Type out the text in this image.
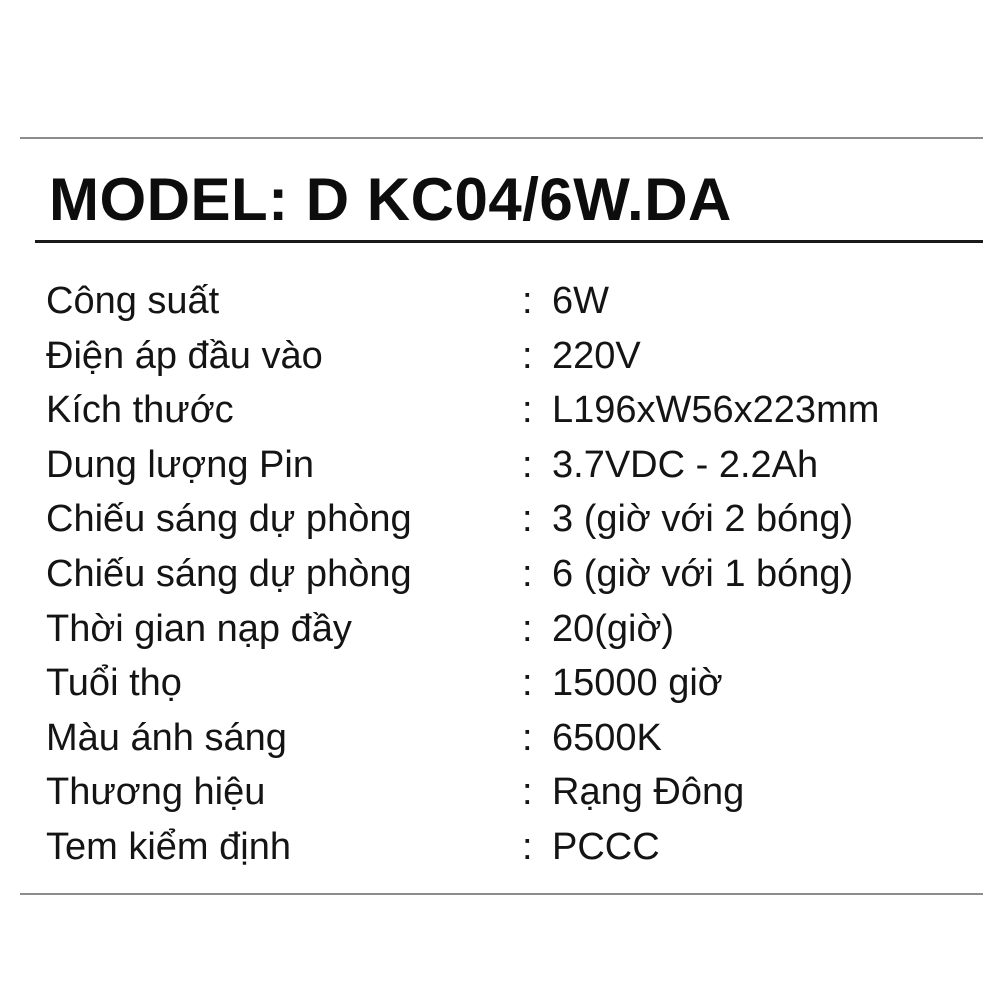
MODEL: D KC04/6W.DA
Công suất	: 6W
Điện áp đầu vào	: 220V
Kích thước	: L196xW56x223mm
Dung lượng Pin	: 3.7VDC - 2.2Ah
Chiếu sáng dự phòng	: 3 (giờ với 2 bóng)
Chiếu sáng dự phòng	: 6 (giờ với 1 bóng)
Thời gian nạp đầy	: 20(giờ)
Tuổi thọ	: 15000 giờ
Màu ánh sáng	: 6500K
Thương hiệu	: Rạng Đông
Tem kiểm định	: PCCC
